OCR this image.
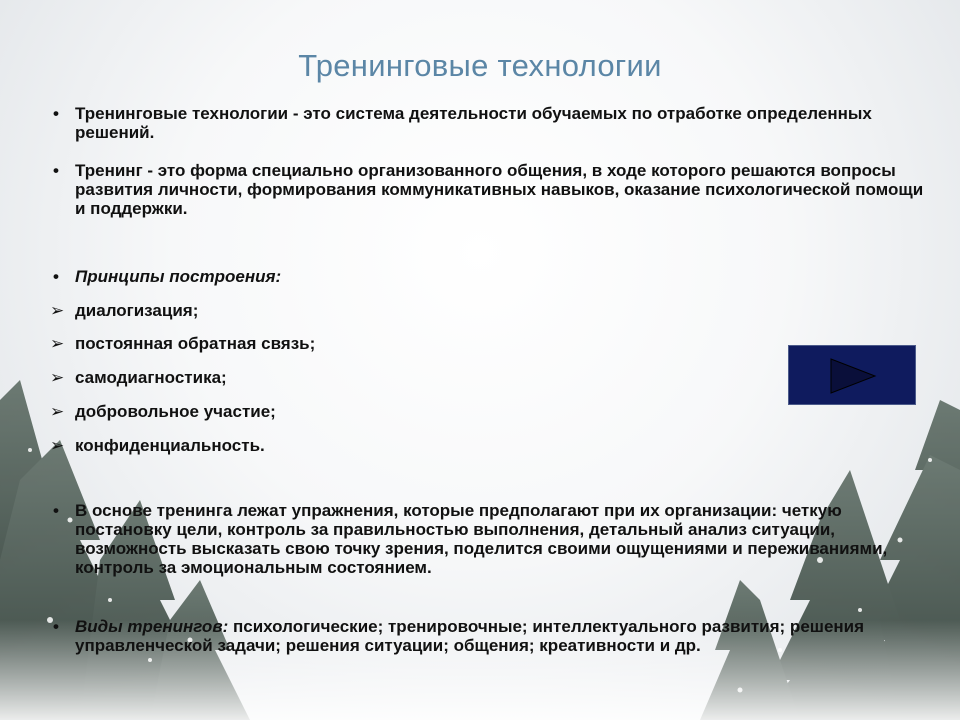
Тренинговые технологии
• Тренинговые технологии - это система деятельности обучаемых по отработке определенных решений.
• Тренинг - это форма специально организованного общения, в ходе которого решаются вопросы развития личности, формирования коммуникативных навыков, оказание психологической помощи и поддержки.
• Принципы построения:
➢ диалогизация;
➢ постоянная обратная связь;
➢ самодиагностика;
➢ добровольное участие;
➢ конфиденциальность.
• В основе тренинга лежат упражнения, которые предполагают при их организации: четкую постановку цели, контроль за правильностью выполнения, детальный анализ ситуации, возможность высказать свою точку зрения, поделится своими ощущениями и переживаниями, контроль за эмоциональным состоянием.
• Виды тренингов: психологические; тренировочные; интеллектуального развития; решения управленческой задачи; решения ситуации; общения; креативности и др.
